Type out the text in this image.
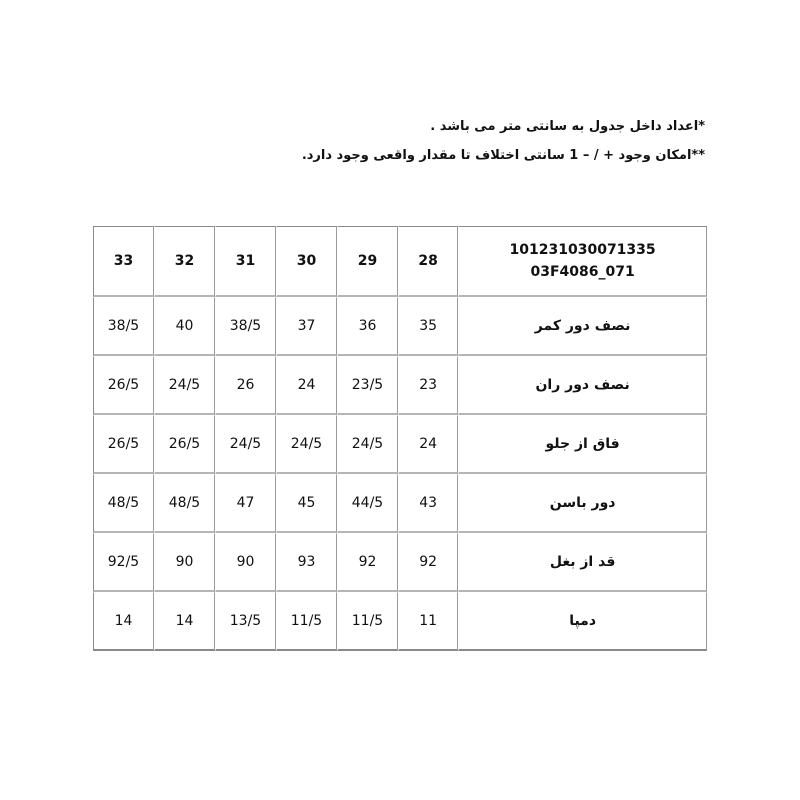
*اعداد داخل جدول به سانتی متر می باشد .
**امکان وجود + / – 1 سانتی اختلاف تا مقدار واقعی وجود دارد.
33	32	31	30	29	28	101231030071335
03F4086_071

38/5	40	38/5	37	36	35	نصف دور کمر
26/5	24/5	26	24	23/5	23	نصف دور ران
26/5	26/5	24/5	24/5	24/5	24	فاق از جلو
48/5	48/5	47	45	44/5	43	دور باسن
92/5	90	90	93	92	92	قد از بغل
14	14	13/5	11/5	11/5	11	دمپا
